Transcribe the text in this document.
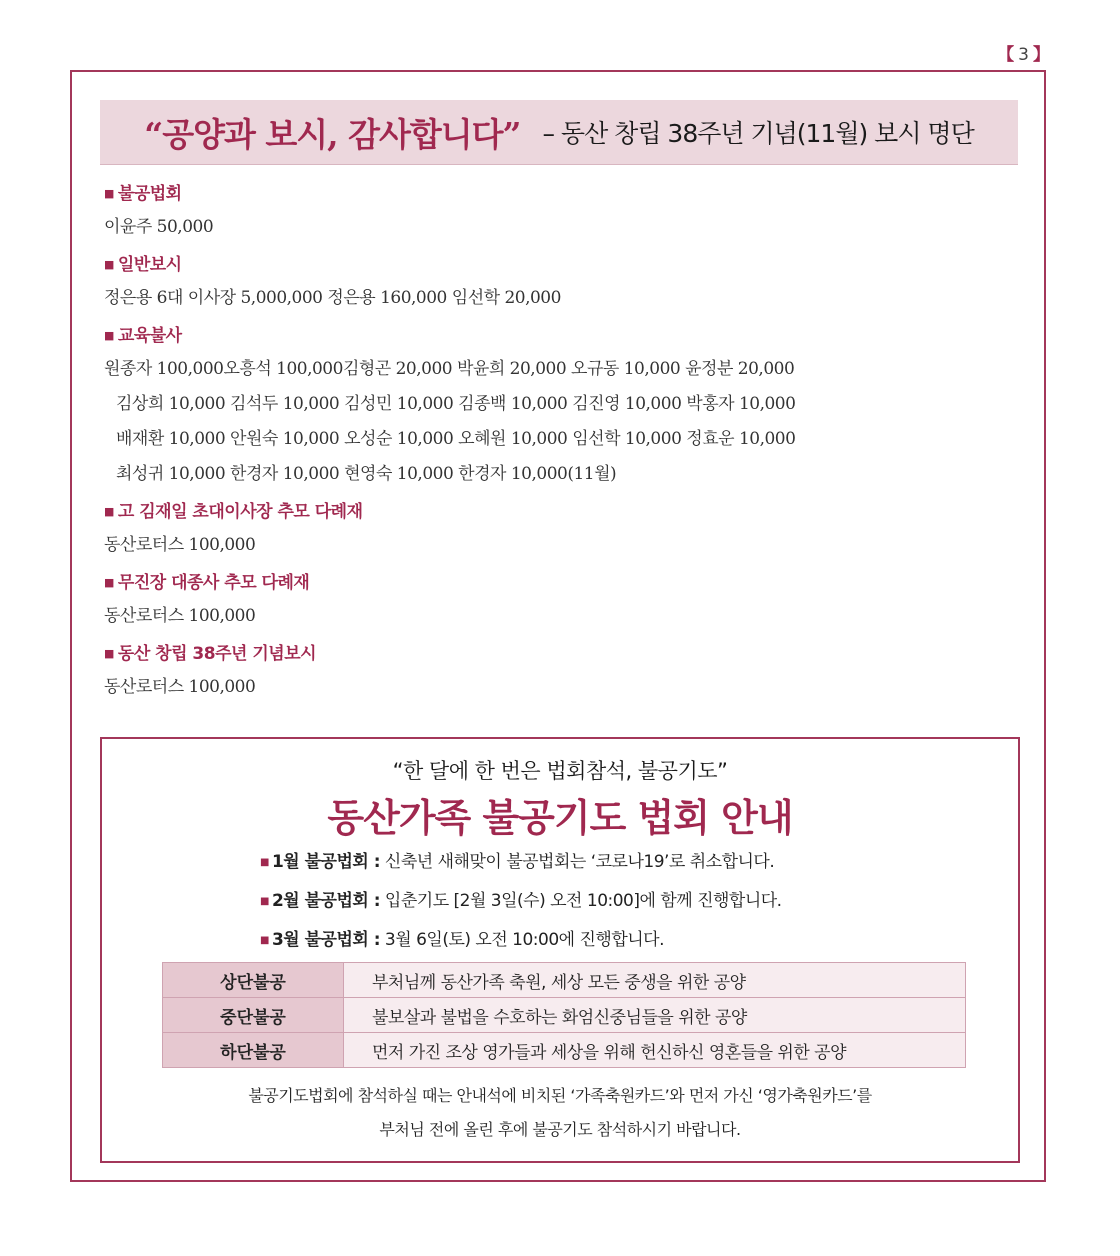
【 3 】
“공양과 보시, 감사합니다” – 동산 창립 38주년 기념(11월) 보시 명단
■ 불공법회
이윤주 50,000
■ 일반보시
정은용 6대 이사장 5,000,000 정은용 160,000 임선학 20,000
■ 교육불사
원종자 100,000오흥석 100,000김형곤 20,000 박윤희 20,000 오규동 10,000 윤정분 20,000
김상희 10,000 김석두 10,000 김성민 10,000 김종백 10,000 김진영 10,000 박홍자 10,000
배재환 10,000 안원숙 10,000 오성순 10,000 오혜원 10,000 임선학 10,000 정효운 10,000
최성귀 10,000 한경자 10,000 현영숙 10,000 한경자 10,000(11월)
■ 고 김재일 초대이사장 추모 다례재
동산로터스 100,000
■ 무진장 대종사 추모 다례재
동산로터스 100,000
■ 동산 창립 38주년 기념보시
동산로터스 100,000
“한 달에 한 번은 법회참석, 불공기도”
동산가족 불공기도 법회 안내
■ 1월 불공법회 : 신축년 새해맞이 불공법회는 ‘코로나19’로 취소합니다.
■ 2월 불공법회 : 입춘기도 [2월 3일(수) 오전 10:00]에 함께 진행합니다.
■ 3월 불공법회 : 3월 6일(토) 오전 10:00에 진행합니다.
상단불공	부처님께 동산가족 축원, 세상 모든 중생을 위한 공양
중단불공	불보살과 불법을 수호하는 화엄신중님들을 위한 공양
하단불공	먼저 가진 조상 영가들과 세상을 위해 헌신하신 영혼들을 위한 공양
불공기도법회에 참석하실 때는 안내석에 비치된 ‘가족축원카드’와 먼저 가신 ‘영가축원카드’를
부처님 전에 올린 후에 불공기도 참석하시기 바랍니다.
